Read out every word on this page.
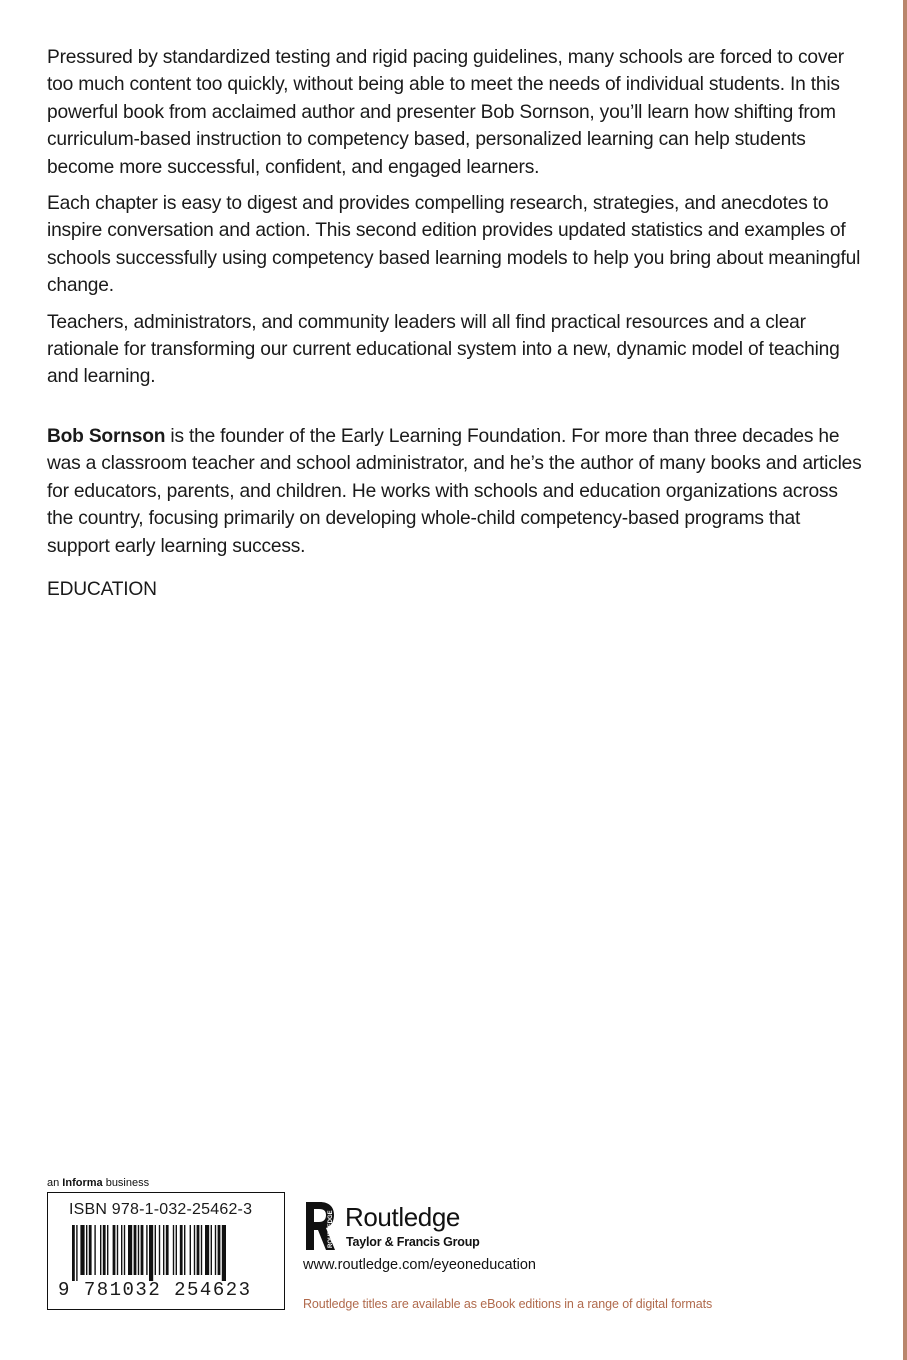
Pressured by standardized testing and rigid pacing guidelines, many schools are forced to cover too much content too quickly, without being able to meet the needs of individual students. In this powerful book from acclaimed author and presenter Bob Sornson, you’ll learn how shifting from curriculum-based instruction to competency based, personalized learning can help students become more successful, confident, and engaged learners.

Each chapter is easy to digest and provides compelling research, strategies, and anecdotes to inspire conversation and action. This second edition provides updated statistics and examples of schools successfully using competency based learning models to help you bring about meaningful change.

Teachers, administrators, and community leaders will all find practical resources and a clear rationale for transforming our current educational system into a new, dynamic model of teaching and learning.

Bob Sornson is the founder of the Early Learning Foundation. For more than three decades he was a classroom teacher and school administrator, and he’s the author of many books and articles for educators, parents, and children. He works with schools and education organizations across the country, focusing primarily on developing whole-child competency-based programs that support early learning success.

EDUCATION

an Informa business
ISBN 978-1-032-25462-3
9 781032 254623
ROUTLEDGE Routledge
Taylor & Francis Group
www.routledge.com/eyeoneducation
Routledge titles are available as eBook editions in a range of digital formats
